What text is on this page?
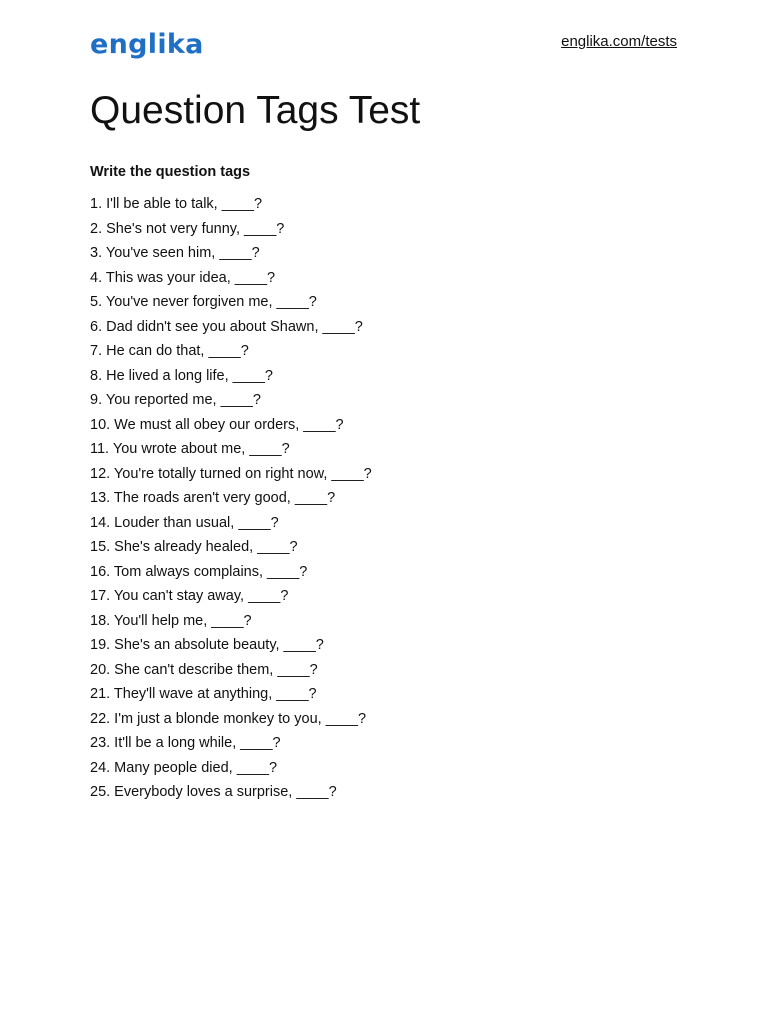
englika	englika.com/tests
Question Tags Test

Write the question tags

1. I'll be able to talk, ____?
2. She's not very funny, ____?
3. You've seen him, ____?
4. This was your idea, ____?
5. You've never forgiven me, ____?
6. Dad didn't see you about Shawn, ____?
7. He can do that, ____?
8. He lived a long life, ____?
9. You reported me, ____?
10. We must all obey our orders, ____?
11. You wrote about me, ____?
12. You're totally turned on right now, ____?
13. The roads aren't very good, ____?
14. Louder than usual, ____?
15. She's already healed, ____?
16. Tom always complains, ____?
17. You can't stay away, ____?
18. You'll help me, ____?
19. She's an absolute beauty, ____?
20. She can't describe them, ____?
21. They'll wave at anything, ____?
22. I'm just a blonde monkey to you, ____?
23. It'll be a long while, ____?
24. Many people died, ____?
25. Everybody loves a surprise, ____?
